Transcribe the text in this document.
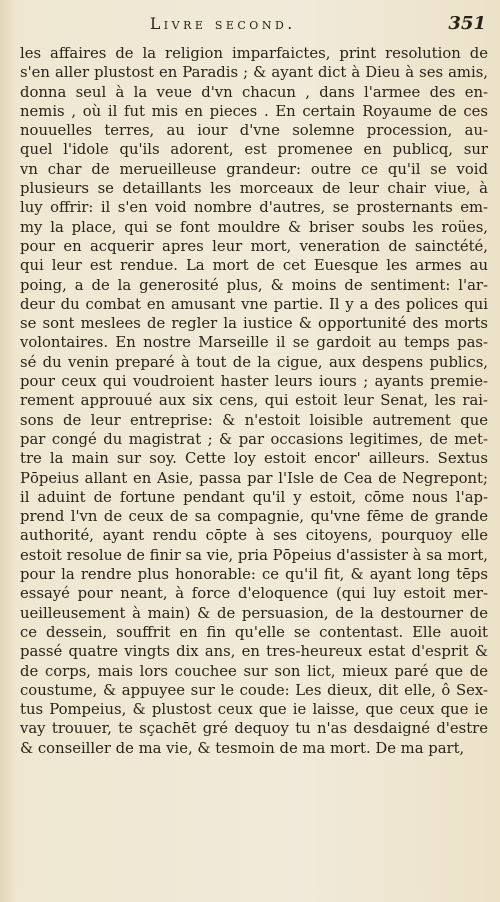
Livre second.	351
les affaires de la religion imparfaictes, print resolution de
s'en aller plustost en Paradis ; & ayant dict à Dieu à ses amis,
donna seul à la veue d'vn chacun , dans l'armee des en-
nemis , où il fut mis en pieces . En certain Royaume de ces
nouuelles terres, au iour d'vne solemne procession, au-
quel l'idole qu'ils adorent, est promenee en publicq, sur
vn char de merueilleuse grandeur: outre ce qu'il se void
plusieurs se detaillants les morceaux de leur chair viue, à
luy offrir: il s'en void nombre d'autres, se prosternants em-
my la place, qui se font mouldre & briser soubs les roües,
pour en acquerir apres leur mort, veneration de sainctété,
qui leur est rendue. La mort de cet Euesque les armes au
poing, a de la generosité plus, & moins de sentiment: l'ar-
deur du combat en amusant vne partie. Il y a des polices qui
se sont meslees de regler la iustice & opportunité des morts
volontaires. En nostre Marseille il se gardoit au temps pas-
sé du venin preparé à tout de la cigue, aux despens publics,
pour ceux qui voudroient haster leurs iours ; ayants premie-
rement approuué aux six cens, qui estoit leur Senat, les rai-
sons de leur entreprise: & n'estoit loisible autrement que
par congé du magistrat ; & par occasions legitimes, de met-
tre la main sur soy. Cette loy estoit encor' ailleurs. Sextus
Pōpeius allant en Asie, passa par l'Isle de Cea de Negrepont;
il aduint de fortune pendant qu'il y estoit, cōme nous l'ap-
prend l'vn de ceux de sa compagnie, qu'vne fēme de grande
authorité, ayant rendu cōpte à ses citoyens, pourquoy elle
estoit resolue de finir sa vie, pria Pōpeius d'assister à sa mort,
pour la rendre plus honorable: ce qu'il fit, & ayant long tēps
essayé pour neant, à force d'eloquence (qui luy estoit mer-
ueilleusement à main) & de persuasion, de la destourner de
ce dessein, souffrit en fin qu'elle se contentast. Elle auoit
passé quatre vingts dix ans, en tres-heureux estat d'esprit &
de corps, mais lors couchee sur son lict, mieux paré que de
coustume, & appuyee sur le coude: Les dieux, dit elle, ô Sex-
tus Pompeius, & plustost ceux que ie laisse, que ceux que ie
vay trouuer, te sçachēt gré dequoy tu n'as desdaigné d'estre
& conseiller de ma vie, & tesmoin de ma mort. De ma part,
